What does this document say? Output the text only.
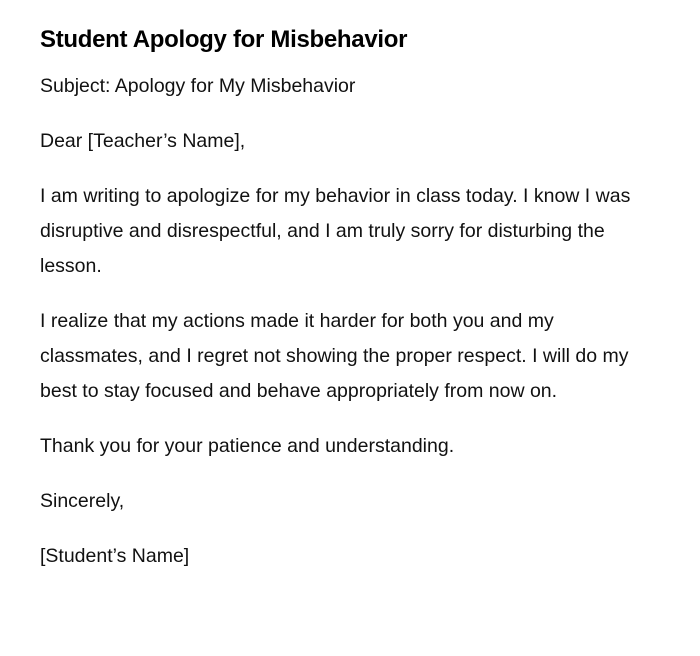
Student Apology for Misbehavior

Subject: Apology for My Misbehavior

Dear [Teacher’s Name],

I am writing to apologize for my behavior in class today. I know I was disruptive and disrespectful, and I am truly sorry for disturbing the lesson.

I realize that my actions made it harder for both you and my classmates, and I regret not showing the proper respect. I will do my best to stay focused and behave appropriately from now on.

Thank you for your patience and understanding.

Sincerely,

[Student’s Name]
